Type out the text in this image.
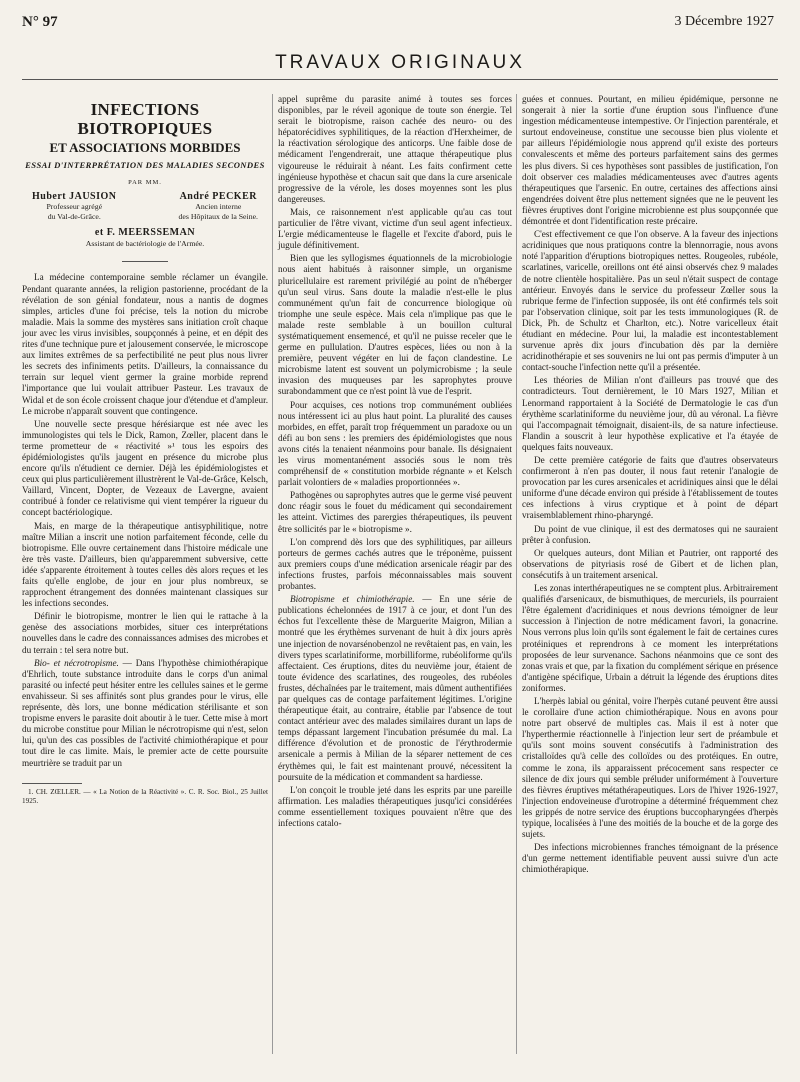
N° 97	3 Décembre 1927
TRAVAUX ORIGINAUX
INFECTIONS BIOTROPIQUES
ET ASSOCIATIONS MORBIDES
ESSAI D'INTERPRÉTATION DES MALADIES SECONDES
PAR MM.
Hubert JAUSION
Professeur agrégé
du Val-de-Grâce.
André PECKER
Ancien interne
des Hôpitaux de la Seine.
et F. MEERSSEMAN
Assistant de bactériologie de l'Armée.

La médecine contemporaine semble réclamer un évangile. Pendant quarante années, la religion pastorienne, procédant de la révélation de son génial fondateur, nous a nantis de dogmes simples, articles d'une foi précise, tels la notion du microbe maladie. Mais la somme des mystères sans initiation croît chaque jour avec les virus invisibles, soupçonnés à peine, et en dépit des rites d'une technique pure et jalousement conservée, le microscope aux limites extrêmes de sa perfectibilité ne peut plus nous livrer les secrets des infiniments petits. D'ailleurs, la connaissance du terrain sur lequel vient germer la graine morbide reprend l'importance que lui voulait attribuer Pasteur. Les travaux de Widal et de son école croissent chaque jour d'étendue et d'ampleur. Le microbe n'apparaît souvent que contingence.

Une nouvelle secte presque hérésiarque est née avec les immunologistes qui tels le Dick, Ramon, Zœller, placent dans le terme prometteur de « réactivité »¹ tous les espoirs des épidémiologistes qu'ils jaugent en présence du microbe plus encore qu'ils n'étudient ce dernier. Déjà les épidémiologistes et ceux qui plus particulièrement illustrèrent le Val-de-Grâce, Kelsch, Vaillard, Vincent, Dopter, de Vezeaux de Lavergne, avaient contribué à fonder ce relativisme qui vient tempérer la rigueur du concept bactériologique.

Mais, en marge de la thérapeutique antisyphilitique, notre maître Milian a inscrit une notion parfaitement féconde, celle du biotropisme. Elle ouvre certainement dans l'histoire médicale une ère très vaste. D'ailleurs, bien qu'apparemment subversive, cette idée s'apparente étroitement à toutes celles dès alors reçues et les faits qu'elle englobe, de jour en jour plus nombreux, se rapprochent étrangement des données maintenant classiques sur les infections secondes.

Définir le biotropisme, montrer le lien qui le rattache à la genèse des associations morbides, situer ces interprétations nouvelles dans le cadre des connaissances admises des microbes et du terrain : tel sera notre but.

Bio- et nécrotropisme. — Dans l'hypothèse chimiothérapique d'Ehrlich, toute substance introduite dans le corps d'un animal parasité ou infecté peut hésiter entre les cellules saines et le germe envahisseur. Si ses affinités sont plus grandes pour le virus, elle représente, dès lors, une bonne médication stérilisante et son tropisme envers le parasite doit aboutir à le tuer. Cette mise à mort du microbe constitue pour Milian le nécrotropisme qui n'est, selon lui, qu'un des cas possibles de l'activité chimiothérapique et pour tout dire le cas limite. Mais, le premier acte de cette poursuite meurtrière se traduit par un

1. CH. ZŒLLER. — « La Notion de la Réactivité ». C. R. Soc. Biol., 25 Juillet 1925.

appel suprême du parasite animé à toutes ses forces disponibles, par le réveil agonique de toute son énergie. Tel serait le biotropisme, raison cachée des neuro- ou des hépatorécidives syphilitiques, de la réaction d'Herxheimer, de la réactivation sérologique des anticorps. Une faible dose de médicament l'engendrerait, une attaque thérapeutique plus vigoureuse le réduirait à néant. Les faits confirment cette ingénieuse hypothèse et chacun sait que dans la cure arsenicale progressive de la vérole, les doses moyennes sont les plus dangereuses.

Mais, ce raisonnement n'est applicable qu'au cas tout particulier de l'être vivant, victime d'un seul agent infectieux. L'ergie médicamenteuse le flagelle et l'excite d'abord, puis le jugule définitivement.

Bien que les syllogismes équationnels de la microbiologie nous aient habitués à raisonner simple, un organisme pluricellulaire est rarement privilégié au point de n'héberger qu'un seul virus. Sans doute la maladie n'est-elle le plus communément qu'un fait de concurrence biologique où triomphe une seule espèce. Mais cela n'implique pas que le malade reste semblable à un bouillon cultural systématiquement ensemencé, et qu'il ne puisse receler que le germe en pullulation. D'autres espèces, liées ou non à la première, peuvent végéter en lui de façon clandestine. Le microbisme latent est souvent un polymicrobisme ; la seule invasion des muqueuses par les saprophytes prouve surabondamment que ce n'est point là vue de l'esprit.

Pour acquises, ces notions trop communément oubliées nous intéressent ici au plus haut point. La pluralité des causes morbides, en effet, paraît trop fréquemment un paradoxe ou un défi au bon sens : les premiers des épidémiologistes que nous avons cités la tenaient néanmoins pour banale. Ils désignaient les virus momentanément associés sous le nom très compréhensif de « constitution morbide régnante » et Kelsch parlait volontiers de « maladies proportionnées ».

Pathogènes ou saprophytes autres que le germe visé peuvent donc réagir sous le fouet du médicament qui secondairement les atteint. Victimes des parergies thérapeutiques, ils peuvent être sollicités par le « biotropisme ».

L'on comprend dès lors que des syphilitiques, par ailleurs porteurs de germes cachés autres que le tréponème, puissent aux premiers coups d'une médication arsenicale réagir par des infections frustes, parfois méconnaissables mais souvent probantes.

Biotropisme et chimiothérapie. — En une série de publications échelonnées de 1917 à ce jour, et dont l'un des échos fut l'excellente thèse de Marguerite Maigron, Milian a montré que les érythèmes survenant de huit à dix jours après une injection de novarsénobenzol ne revêtaient pas, en vain, les divers types scarlatiniforme, morbilliforme, rubéoliforme qu'ils affectaient. Ces éruptions, dites du neuvième jour, étaient de toute évidence des scarlatines, des rougeoles, des rubéoles frustes, déchaînées par le traitement, mais dûment authentifiées par quelques cas de contage parfaitement légitimes. L'origine thérapeutique était, au contraire, établie par l'absence de tout contact antérieur avec des malades similaires durant un laps de temps dépassant largement l'incubation présumée du mal. La différence d'évolution et de pronostic de l'érythrodermie arsenicale a permis à Milian de la séparer nettement de ces érythèmes qui, le fait est maintenant prouvé, nécessitent la poursuite de la médication et commandent sa hardiesse.

L'on conçoit le trouble jeté dans les esprits par une pareille affirmation. Les maladies thérapeutiques jusqu'ici considérées comme essentiellement toxiques pouvaient n'être que des infections catalo-

guées et connues. Pourtant, en milieu épidémique, personne ne songerait à nier la sortie d'une éruption sous l'influence d'une ingestion médicamenteuse intempestive. Or l'injection parentérale, et surtout endoveineuse, constitue une secousse bien plus violente et par ailleurs l'épidémiologie nous apprend qu'il existe des porteurs convalescents et même des porteurs parfaitement sains des germes les plus divers. Si ces hypothèses sont passibles de justification, l'on doit observer ces maladies médicamenteuses avec d'autres agents thérapeutiques que l'arsenic. En outre, certaines des affections ainsi engendrées doivent être plus nettement signées que ne le peuvent les fièvres éruptives dont l'origine microbienne est plus soupçonnée que démontrée et dont l'identification reste précaire.

C'est effectivement ce que l'on observe. A la faveur des injections acridiniques que nous pratiquons contre la blennorragie, nous avons noté l'apparition d'éruptions biotropiques nettes. Rougeoles, rubéole, scarlatines, varicelle, oreillons ont été ainsi observés chez 9 malades de notre clientèle hospitalière. Pas un seul n'était suspect de contage antérieur. Envoyés dans le service du professeur Zœller sous la rubrique ferme de l'infection supposée, ils ont été confirmés tels soit par l'observation clinique, soit par les tests immunologiques (R. de Dick, Ph. de Schultz et Charlton, etc.). Notre varicelleux était étudiant en médecine. Pour lui, la maladie est incontestablement survenue après dix jours d'incubation dès par la dernière acridinothérapie et ses souvenirs ne lui ont pas permis d'imputer à un contact-souche l'infection nette qu'il a présentée.

Les théories de Milian n'ont d'ailleurs pas trouvé que des contradicteurs. Tout dernièrement, le 10 Mars 1927, Milian et Lenormand rapportaient à la Société de Dermatologie le cas d'un érythème scarlatiniforme du neuvième jour, dû au véronal. La fièvre qui l'accompagnait témoignait, disaient-ils, de sa nature infectieuse. Flandin a souscrit à leur hypothèse explicative et l'a étayée de quelques faits nouveaux.

De cette première catégorie de faits que d'autres observateurs confirmeront à n'en pas douter, il nous faut retenir l'analogie de provocation par les cures arsenicales et acridiniques ainsi que le délai uniforme d'une décade environ qui préside à l'établissement de toutes ces infections à virus cryptique et à point de départ vraisemblablement rhino-pharyngé.

Du point de vue clinique, il est des dermatoses qui ne sauraient prêter à confusion.

Or quelques auteurs, dont Milian et Pautrier, ont rapporté des observations de pityriasis rosé de Gibert et de lichen plan, consécutifs à un traitement arsenical.

Les zonas interthérapeutiques ne se comptent plus. Arbitrairement qualifiés d'arsenicaux, de bismuthiques, de mercuriels, ils pourraient l'être également d'acridiniques et nous devrions témoigner de leur succession à l'injection de notre médicament favori, la gonacrine. Nous verrons plus loin qu'ils sont également le fait de certaines cures protéiniques et reprendrons à ce moment les interprétations proposées de leur survenance. Sachons néanmoins que ce sont des zonas vrais et que, par la fixation du complément sérique en présence d'antigène spécifique, Urbain a détruit la légende des éruptions dites zoniformes.

L'herpès labial ou génital, voire l'herpès cutané peuvent être aussi le corollaire d'une action chimiothérapique. Nous en avons pour notre part observé de multiples cas. Mais il est à noter que l'hyperthermie réactionnelle à l'injection leur sert de préambule et qu'ils sont moins souvent consécutifs à l'administration des cristalloïdes qu'à celle des colloïdes ou des protéiques. En outre, comme le zona, ils apparaissent précocement sans respecter ce silence de dix jours qui semble préluder uniformément à l'ouverture des fièvres éruptives métathérapeutiques. Lors de l'hiver 1926-1927, l'injection endoveineuse d'urotropine a déterminé fréquemment chez les grippés de notre service des éruptions buccopharyngées d'herpès typique, localisées à l'une des moitiés de la bouche et de la gorge des sujets.

Des infections microbiennes franches témoignant de la présence d'un germe nettement identifiable peuvent aussi suivre d'un acte chimiothérapique.
